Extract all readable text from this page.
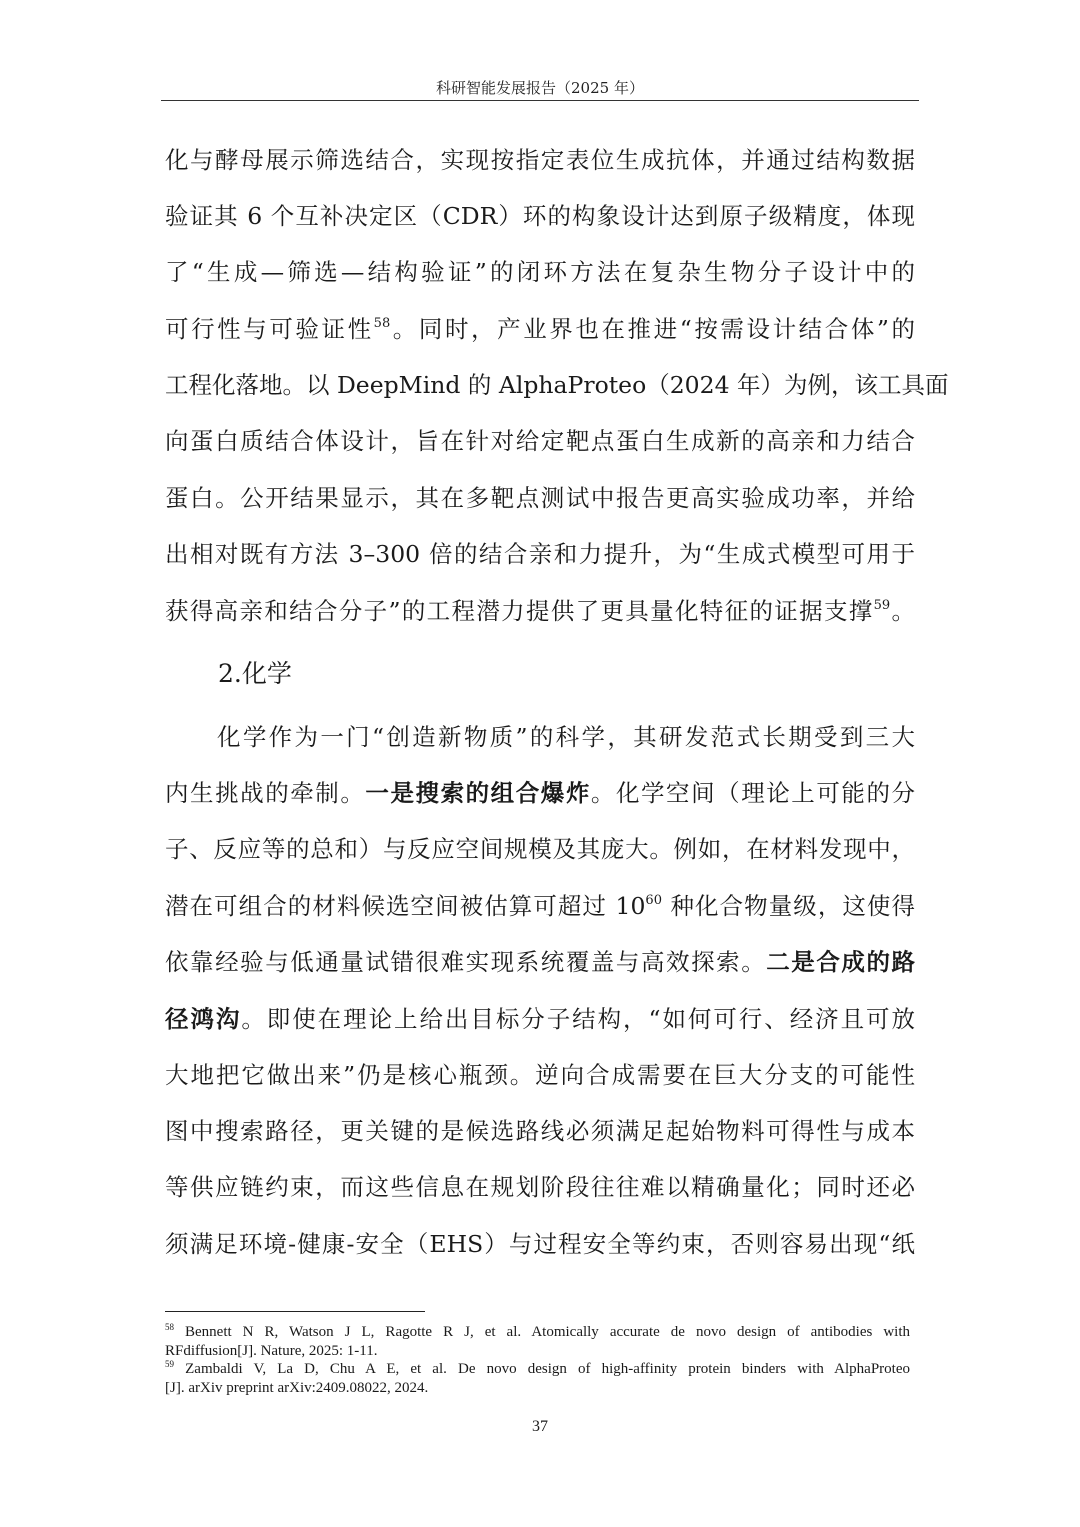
科研智能发展报告（2025 年）
化与酵母展示筛选结合，实现按指定表位生成抗体，并通过结构数据
验证其 6 个互补决定区（CDR）环的构象设计达到原子级精度，体现
了“生成—筛选—结构验证”的闭环方法在复杂生物分子设计中的
可行性与可验证性$^{58}$。同时，产业界也在推进“按需设计结合体”的
工程化落地。以 DeepMind 的 AlphaProteo（2024 年）为例，该工具面
向蛋白质结合体设计，旨在针对给定靶点蛋白生成新的高亲和力结合
蛋白。公开结果显示，其在多靶点测试中报告更高实验成功率，并给
出相对既有方法 3–300 倍的结合亲和力提升，为“生成式模型可用于
获得高亲和结合分子”的工程潜力提供了更具量化特征的证据支撑$^{59}$。
2.化学
化学作为一门“创造新物质”的科学，其研发范式长期受到三大
内生挑战的牵制。一是搜索的组合爆炸。化学空间（理论上可能的分
子、反应等的总和）与反应空间规模及其庞大。例如，在材料发现中，
潜在可组合的材料候选空间被估算可超过 $10^{60}$ 种化合物量级，这使得
依靠经验与低通量试错很难实现系统覆盖与高效探索。二是合成的路
径鸿沟。即使在理论上给出目标分子结构，“如何可行、经济且可放
大地把它做出来”仍是核心瓶颈。逆向合成需要在巨大分支的可能性
图中搜索路径，更关键的是候选路线必须满足起始物料可得性与成本
等供应链约束，而这些信息在规划阶段往往难以精确量化；同时还必
须满足环境-健康-安全（EHS）与过程安全等约束，否则容易出现“纸
$^{58}$ Bennett N R, Watson J L, Ragotte R J, et al. Atomically accurate de novo design of antibodies with
RFdiffusion[J]. Nature, 2025: 1-11.
$^{59}$ Zambaldi V, La D, Chu A E, et al. De novo design of high-affinity protein binders with AlphaProteo
[J]. arXiv preprint arXiv:2409.08022, 2024.
37
